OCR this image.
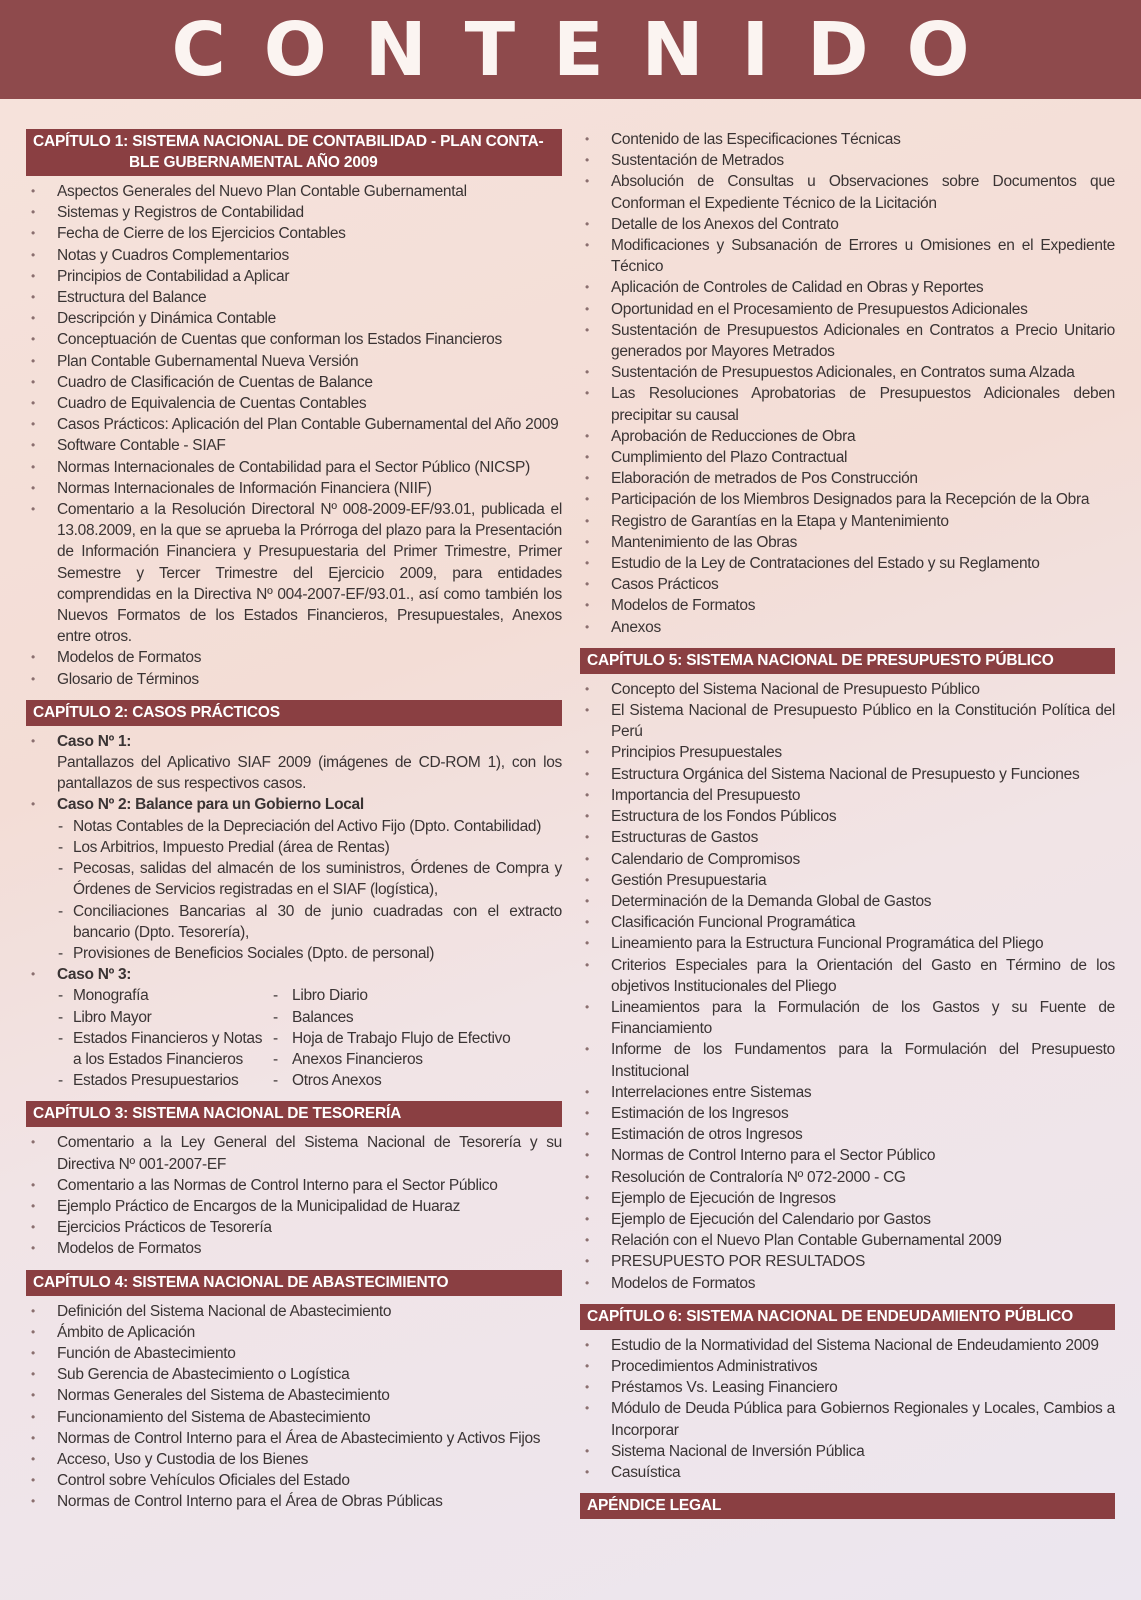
CONTENIDO
CAPÍTULO 1: SISTEMA NACIONAL DE CONTABILIDAD - PLAN CONTA-
BLE GUBERNAMENTAL AÑO 2009
• Aspectos Generales del Nuevo Plan Contable Gubernamental
• Sistemas y Registros de Contabilidad
• Fecha de Cierre de los Ejercicios Contables
• Notas y Cuadros Complementarios
• Principios de Contabilidad a Aplicar
• Estructura del Balance
• Descripción y Dinámica Contable
• Conceptuación de Cuentas que conforman los Estados Financieros
• Plan Contable Gubernamental Nueva Versión
• Cuadro de Clasificación de Cuentas de Balance
• Cuadro de Equivalencia de Cuentas Contables
• Casos Prácticos: Aplicación del Plan Contable Gubernamental del Año 2009
• Software Contable - SIAF
• Normas Internacionales de Contabilidad para el Sector Público (NICSP)
• Normas Internacionales de Información Financiera (NIIF)
• Comentario a la Resolución Directoral Nº 008-2009-EF/93.01, publicada el 13.08.2009, en la que se aprueba la Prórroga del plazo para la Presentación de Información Financiera y Presupuestaria del Primer Trimestre, Primer Semestre y Tercer Trimestre del Ejercicio 2009, para entidades comprendidas en la Directiva Nº 004-2007-EF/93.01., así como también los Nuevos Formatos de los Estados Financieros, Presupuestales, Anexos entre otros.
• Modelos de Formatos
• Glosario de Términos
CAPÍTULO 2: CASOS PRÁCTICOS
• Caso Nº 1:
Pantallazos del Aplicativo SIAF 2009 (imágenes de CD-ROM 1), con los pantallazos de sus respectivos casos.
• Caso Nº 2: Balance para un Gobierno Local
- Notas Contables de la Depreciación del Activo Fijo (Dpto. Contabilidad)
- Los Arbitrios, Impuesto Predial (área de Rentas)
- Pecosas, salidas del almacén de los suministros, Órdenes de Compra y Órdenes de Servicios registradas en el SIAF (logística),
- Conciliaciones Bancarias al 30 de junio cuadradas con el extracto bancario (Dpto. Tesorería),
- Provisiones de Beneficios Sociales (Dpto. de personal)
• Caso Nº 3:
- Monografía
- Libro Mayor
- Estados Financieros y Notas a los Estados Financieros
- Estados Presupuestarios
- Libro Diario
- Balances
- Hoja de Trabajo Flujo de Efectivo
- Anexos Financieros
- Otros Anexos
CAPÍTULO 3: SISTEMA NACIONAL DE TESORERÍA
• Comentario a la Ley General del Sistema Nacional de Tesorería y su Directiva Nº 001-2007-EF
• Comentario a las Normas de Control Interno para el Sector Público
• Ejemplo Práctico de Encargos de la Municipalidad de Huaraz
• Ejercicios Prácticos de Tesorería
• Modelos de Formatos
CAPÍTULO 4: SISTEMA NACIONAL DE ABASTECIMIENTO
• Definición del Sistema Nacional de Abastecimiento
• Ámbito de Aplicación
• Función de Abastecimiento
• Sub Gerencia de Abastecimiento o Logística
• Normas Generales del Sistema de Abastecimiento
• Funcionamiento del Sistema de Abastecimiento
• Normas de Control Interno para el Área de Abastecimiento y Activos Fijos
• Acceso, Uso y Custodia de los Bienes
• Control sobre Vehículos Oficiales del Estado
• Normas de Control Interno para el Área de Obras Públicas
• Contenido de las Especificaciones Técnicas
• Sustentación de Metrados
• Absolución de Consultas u Observaciones sobre Documentos que Conforman el Expediente Técnico de la Licitación
• Detalle de los Anexos del Contrato
• Modificaciones y Subsanación de Errores u Omisiones en el Expediente Técnico
• Aplicación de Controles de Calidad en Obras y Reportes
• Oportunidad en el Procesamiento de Presupuestos Adicionales
• Sustentación de Presupuestos Adicionales en Contratos a Precio Unitario generados por Mayores Metrados
• Sustentación de Presupuestos Adicionales, en Contratos suma Alzada
• Las Resoluciones Aprobatorias de Presupuestos Adicionales deben precipitar su causal
• Aprobación de Reducciones de Obra
• Cumplimiento del Plazo Contractual
• Elaboración de metrados de Pos Construcción
• Participación de los Miembros Designados para la Recepción de la Obra
• Registro de Garantías en la Etapa y Mantenimiento
• Mantenimiento de las Obras
• Estudio de la Ley de Contrataciones del Estado y su Reglamento
• Casos Prácticos
• Modelos de Formatos
• Anexos
CAPÍTULO 5: SISTEMA NACIONAL DE PRESUPUESTO PÚBLICO
• Concepto del Sistema Nacional de Presupuesto Público
• El Sistema Nacional de Presupuesto Público en la Constitución Política del Perú
• Principios Presupuestales
• Estructura Orgánica del Sistema Nacional de Presupuesto y Funciones
• Importancia del Presupuesto
• Estructura de los Fondos Públicos
• Estructuras de Gastos
• Calendario de Compromisos
• Gestión Presupuestaria
• Determinación de la Demanda Global de Gastos
• Clasificación Funcional Programática
• Lineamiento para la Estructura Funcional Programática del Pliego
• Criterios Especiales para la Orientación del Gasto en Término de los objetivos Institucionales del Pliego
• Lineamientos para la Formulación de los Gastos y su Fuente de Financiamiento
• Informe de los Fundamentos para la Formulación del Presupuesto Institucional
• Interrelaciones entre Sistemas
• Estimación de los Ingresos
• Estimación de otros Ingresos
• Normas de Control Interno para el Sector Público
• Resolución de Contraloría Nº 072-2000 - CG
• Ejemplo de Ejecución de Ingresos
• Ejemplo de Ejecución del Calendario por Gastos
• Relación con el Nuevo Plan Contable Gubernamental 2009
• PRESUPUESTO POR RESULTADOS
• Modelos de Formatos
CAPÍTULO 6: SISTEMA NACIONAL DE ENDEUDAMIENTO PÚBLICO
• Estudio de la Normatividad del Sistema Nacional de Endeudamiento 2009
• Procedimientos Administrativos
• Préstamos Vs. Leasing Financiero
• Módulo de Deuda Pública para Gobiernos Regionales y Locales, Cambios a Incorporar
• Sistema Nacional de Inversión Pública
• Casuística
APÉNDICE LEGAL
